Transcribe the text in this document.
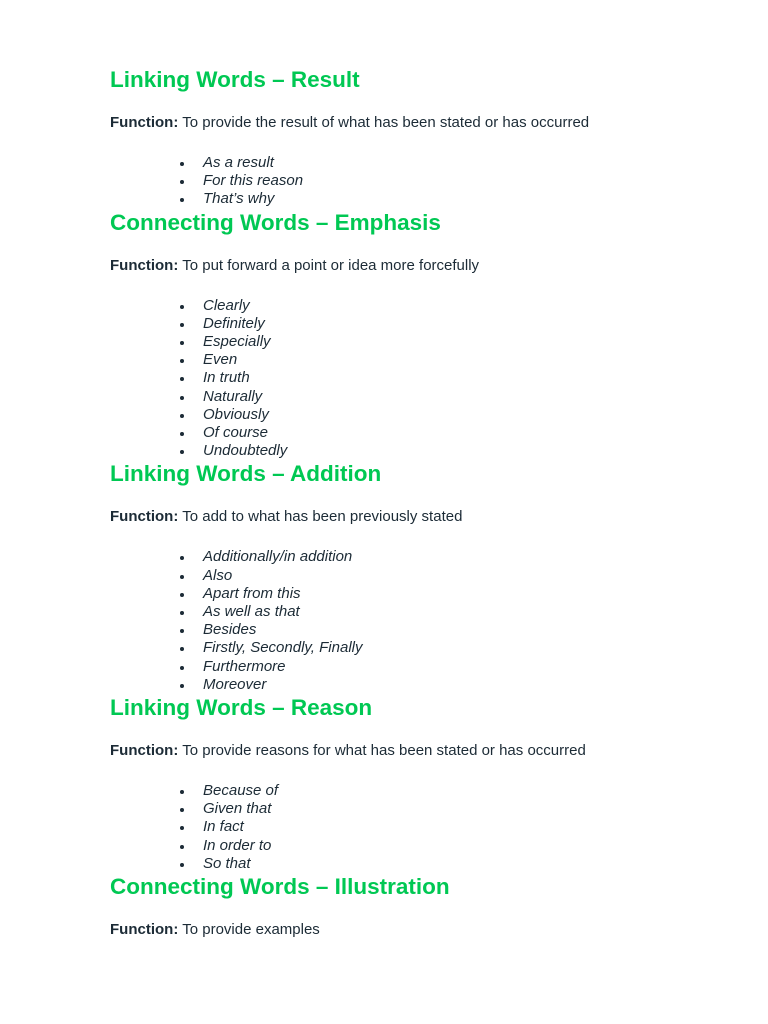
Linking Words – Result

Function: To provide the result of what has been stated or has occurred

As a result
For this reason
That’s why
Connecting Words – Emphasis

Function: To put forward a point or idea more forcefully

Clearly
Definitely
Especially
Even
In truth
Naturally
Obviously
Of course
Undoubtedly
Linking Words – Addition

Function: To add to what has been previously stated

Additionally/in addition
Also
Apart from this
As well as that
Besides
Firstly, Secondly, Finally
Furthermore
Moreover
Linking Words – Reason

Function: To provide reasons for what has been stated or has occurred

Because of
Given that
In fact
In order to
So that
Connecting Words – Illustration

Function: To provide examples
